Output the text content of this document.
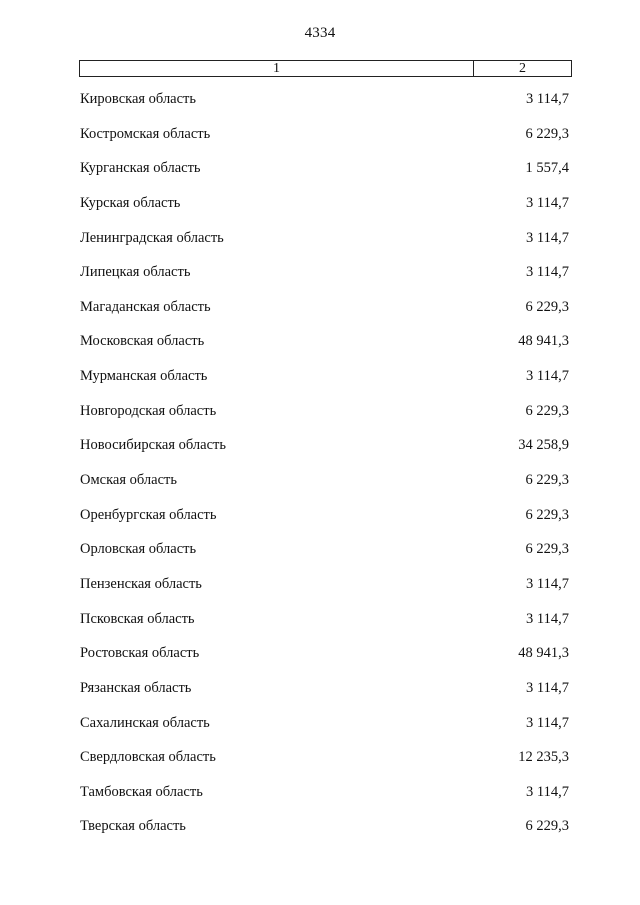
4334
1	2
Кировская область	3 114,7
Костромская область	6 229,3
Курганская область	1 557,4
Курская область	3 114,7
Ленинградская область	3 114,7
Липецкая область	3 114,7
Магаданская область	6 229,3
Московская область	48 941,3
Мурманская область	3 114,7
Новгородская область	6 229,3
Новосибирская область	34 258,9
Омская область	6 229,3
Оренбургская область	6 229,3
Орловская область	6 229,3
Пензенская область	3 114,7
Псковская область	3 114,7
Ростовская область	48 941,3
Рязанская область	3 114,7
Сахалинская область	3 114,7
Свердловская область	12 235,3
Тамбовская область	3 114,7
Тверская область	6 229,3
